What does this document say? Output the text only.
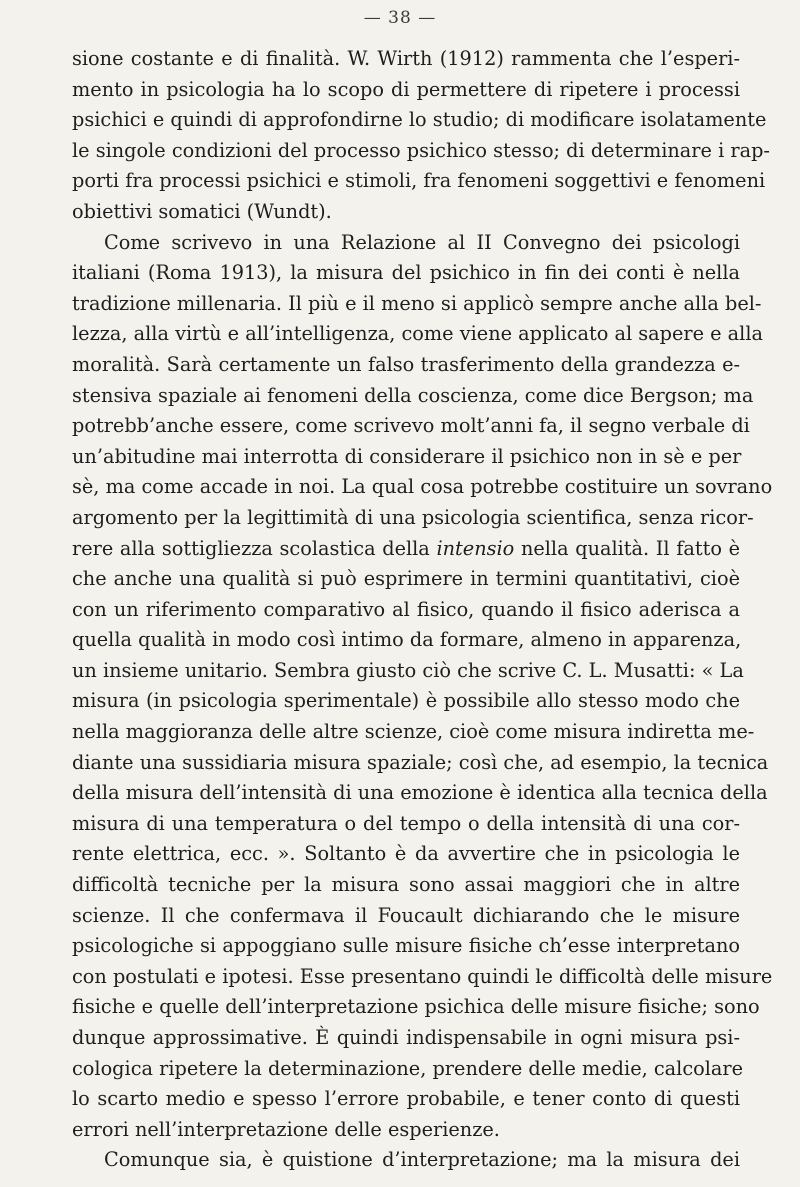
— 38 —
sione costante e di finalità. W. Wirth (1912) rammenta che l’esperi-
mento in psicologia ha lo scopo di permettere di ripetere i processi
psichici e quindi di approfondirne lo studio; di modificare isolatamente
le singole condizioni del processo psichico stesso; di determinare i rap-
porti fra processi psichici e stimoli, fra fenomeni soggettivi e fenomeni
obiettivi somatici (Wundt).
Come scrivevo in una Relazione al II Convegno dei psicologi
italiani (Roma 1913), la misura del psichico in fin dei conti è nella
tradizione millenaria. Il più e il meno si applicò sempre anche alla bel-
lezza, alla virtù e all’intelligenza, come viene applicato al sapere e alla
moralità. Sarà certamente un falso trasferimento della grandezza e-
stensiva spaziale ai fenomeni della coscienza, come dice Bergson; ma
potrebb’anche essere, come scrivevo molt’anni fa, il segno verbale di
un’abitudine mai interrotta di considerare il psichico non in sè e per
sè, ma come accade in noi. La qual cosa potrebbe costituire un sovrano
argomento per la legittimità di una psicologia scientifica, senza ricor-
rere alla sottigliezza scolastica della intensio nella qualità. Il fatto è
che anche una qualità si può esprimere in termini quantitativi, cioè
con un riferimento comparativo al fisico, quando il fisico aderisca a
quella qualità in modo così intimo da formare, almeno in apparenza,
un insieme unitario. Sembra giusto ciò che scrive C. L. Musatti: « La
misura (in psicologia sperimentale) è possibile allo stesso modo che
nella maggioranza delle altre scienze, cioè come misura indiretta me-
diante una sussidiaria misura spaziale; così che, ad esempio, la tecnica
della misura dell’intensità di una emozione è identica alla tecnica della
misura di una temperatura o del tempo o della intensità di una cor-
rente elettrica, ecc. ». Soltanto è da avvertire che in psicologia le
difficoltà tecniche per la misura sono assai maggiori che in altre
scienze. Il che confermava il Foucault dichiarando che le misure
psicologiche si appoggiano sulle misure fisiche ch’esse interpretano
con postulati e ipotesi. Esse presentano quindi le difficoltà delle misure
fisiche e quelle dell’interpretazione psichica delle misure fisiche; sono
dunque approssimative. È quindi indispensabile in ogni misura psi-
cologica ripetere la determinazione, prendere delle medie, calcolare
lo scarto medio e spesso l’errore probabile, e tener conto di questi
errori nell’interpretazione delle esperienze.
Comunque sia, è quistione d’interpretazione; ma la misura dei
